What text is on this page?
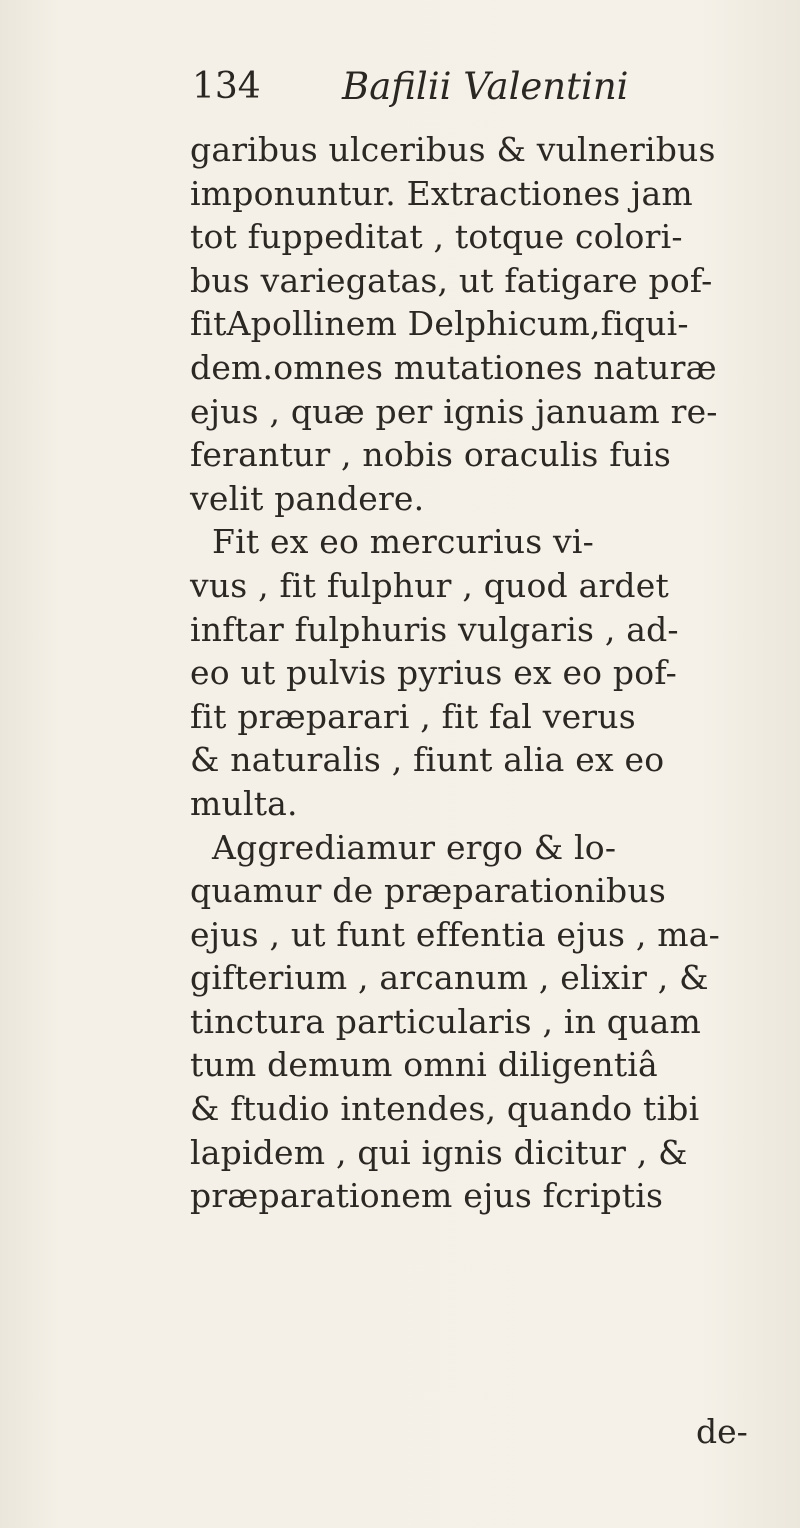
134 Bafilii Valentini
garibus ulceribus & vulneribus
imponuntur. Extractiones jam
tot fuppeditat , totque colori-
bus variegatas, ut fatigare pof-
fitApollinem Delphicum,fiqui-
dem.omnes mutationes naturæ
ejus , quæ per ignis januam re-
ferantur , nobis oraculis fuis
velit pandere.
Fit ex eo mercurius vi-
vus , fit fulphur , quod ardet
inftar fulphuris vulgaris , ad-
eo ut pulvis pyrius ex eo pof-
fit præparari , fit fal verus
& naturalis , fiunt alia ex eo
multa.
Aggrediamur ergo & lo-
quamur de præparationibus
ejus , ut funt effentia ejus , ma-
gifterium , arcanum , elixir , &
tinctura particularis , in quam
tum demum omni diligentiâ
& ftudio intendes, quando tibi
lapidem , qui ignis dicitur , &
præparationem ejus fcriptis
de-
